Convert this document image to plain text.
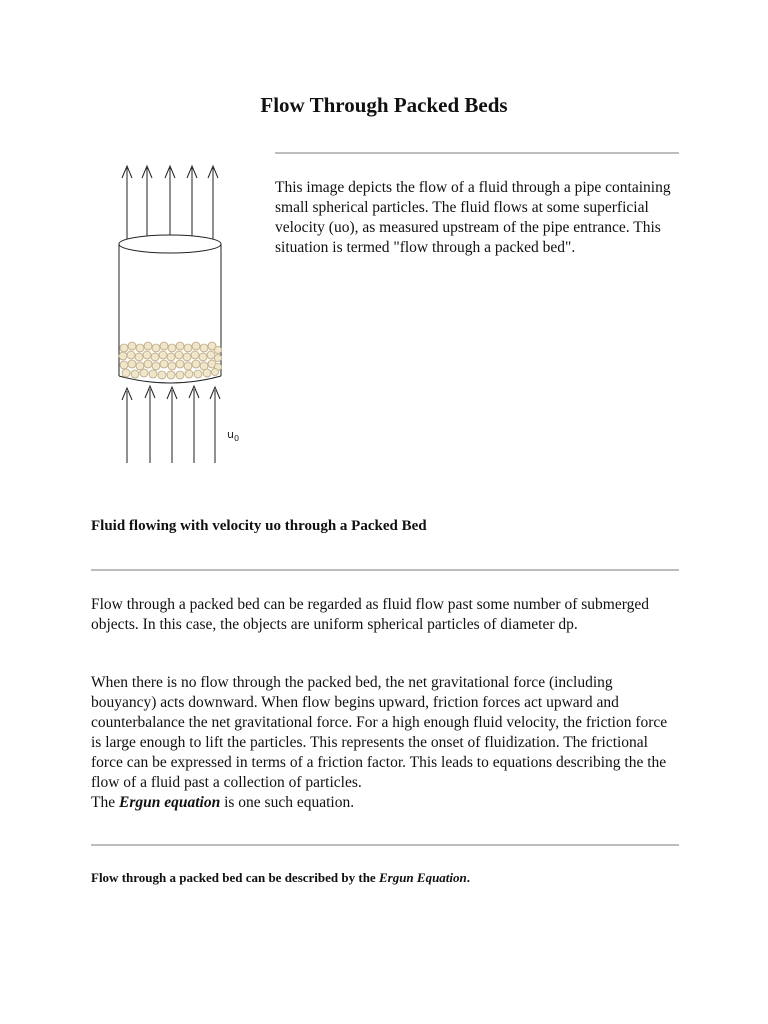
Flow Through Packed Beds
$u_0$

This image depicts the flow of a fluid through a pipe containing small spherical particles. The fluid flows at some superficial velocity (uo), as measured upstream of the pipe entrance. This situation is termed "flow through a packed bed".

Fluid flowing with velocity uo through a Packed Bed

Flow through a packed bed can be regarded as fluid flow past some number of submerged objects. In this case, the objects are uniform spherical particles of diameter dp.

When there is no flow through the packed bed, the net gravitational force (including bouyancy) acts downward. When flow begins upward, friction forces act upward and counterbalance the net gravitational force. For a high enough fluid velocity, the friction force is large enough to lift the particles. This represents the onset of fluidization. The frictional force can be expressed in terms of a friction factor. This leads to equations describing the the flow of a fluid past a collection of particles.
The Ergun equation is one such equation.

Flow through a packed bed can be described by the Ergun Equation.
